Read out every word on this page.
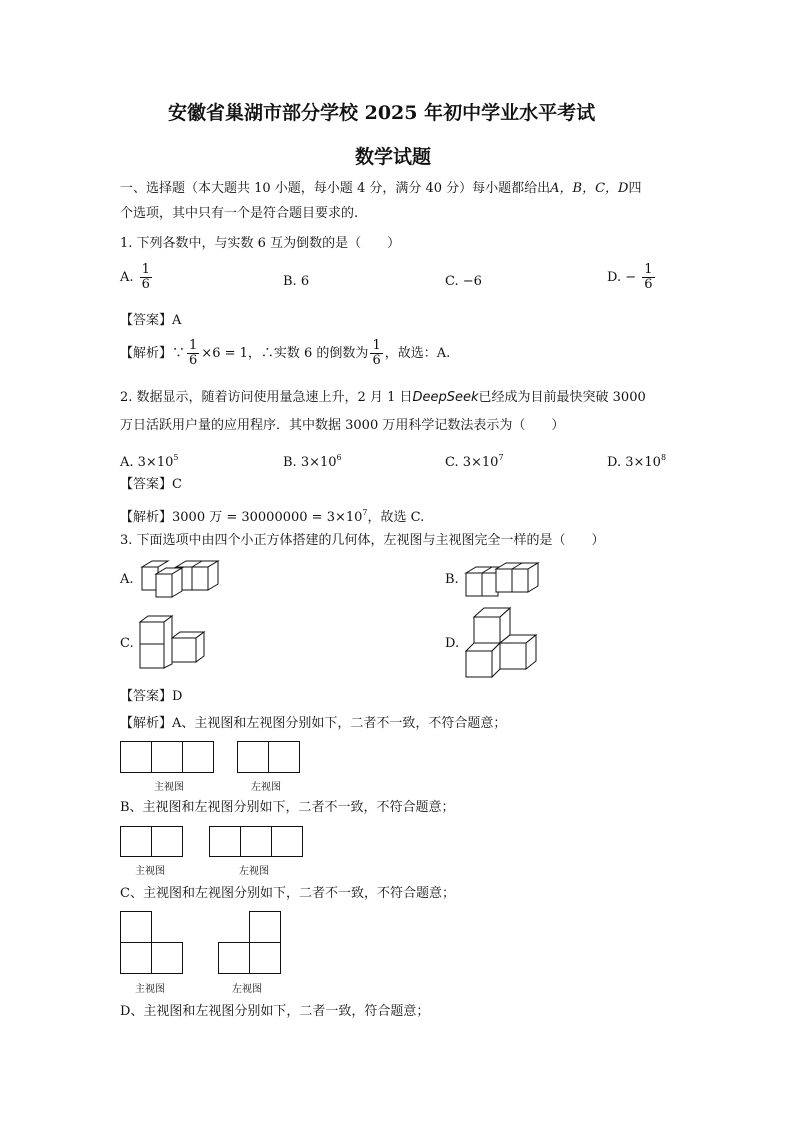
安徽省巢湖市部分学校 2025 年初中学业水平考试
数学试题
一、选择题（本大题共 10 小题，每小题 4 分，满分 40 分）每小题都给出A，B，C，D四
个选项，其中只有一个是符合题目要求的.
1. 下列各数中，与实数 6 互为倒数的是（　　）
A. $\frac{1}{6}$	B. 6	C. −6	D. − $\frac{1}{6}$
【答案】A
【解析】∵ $\frac{1}{6} \times 6 = 1$，∴实数 6 的倒数为 $\frac{1}{6}$ ，故选：A.
2. 数据显示，随着访问使用量急速上升，2 月 1 日DeepSeek已经成为目前最快突破 3000
万日活跃用户量的应用程序．其中数据 3000 万用科学记数法表示为（　　）
A. $3\times 10^5$	B. $3\times 10^6$	C. $3\times 10^7$	D. $3\times 10^8$
【答案】C
【解析】3000 万 = $30000000 = 3\times 10^7$，故选 C.
3. 下面选项中由四个小正方体搭建的几何体，左视图与主视图完全一样的是（　　）
A.	B.
C.	D.
【答案】D
【解析】A、主视图和左视图分别如下，二者不一致，不符合题意；
主视图	左视图
B、主视图和左视图分别如下，二者不一致，不符合题意；
主视图	左视图
C、主视图和左视图分别如下，二者不一致，不符合题意；
主视图	左视图
D、主视图和左视图分别如下，二者一致，符合题意；
